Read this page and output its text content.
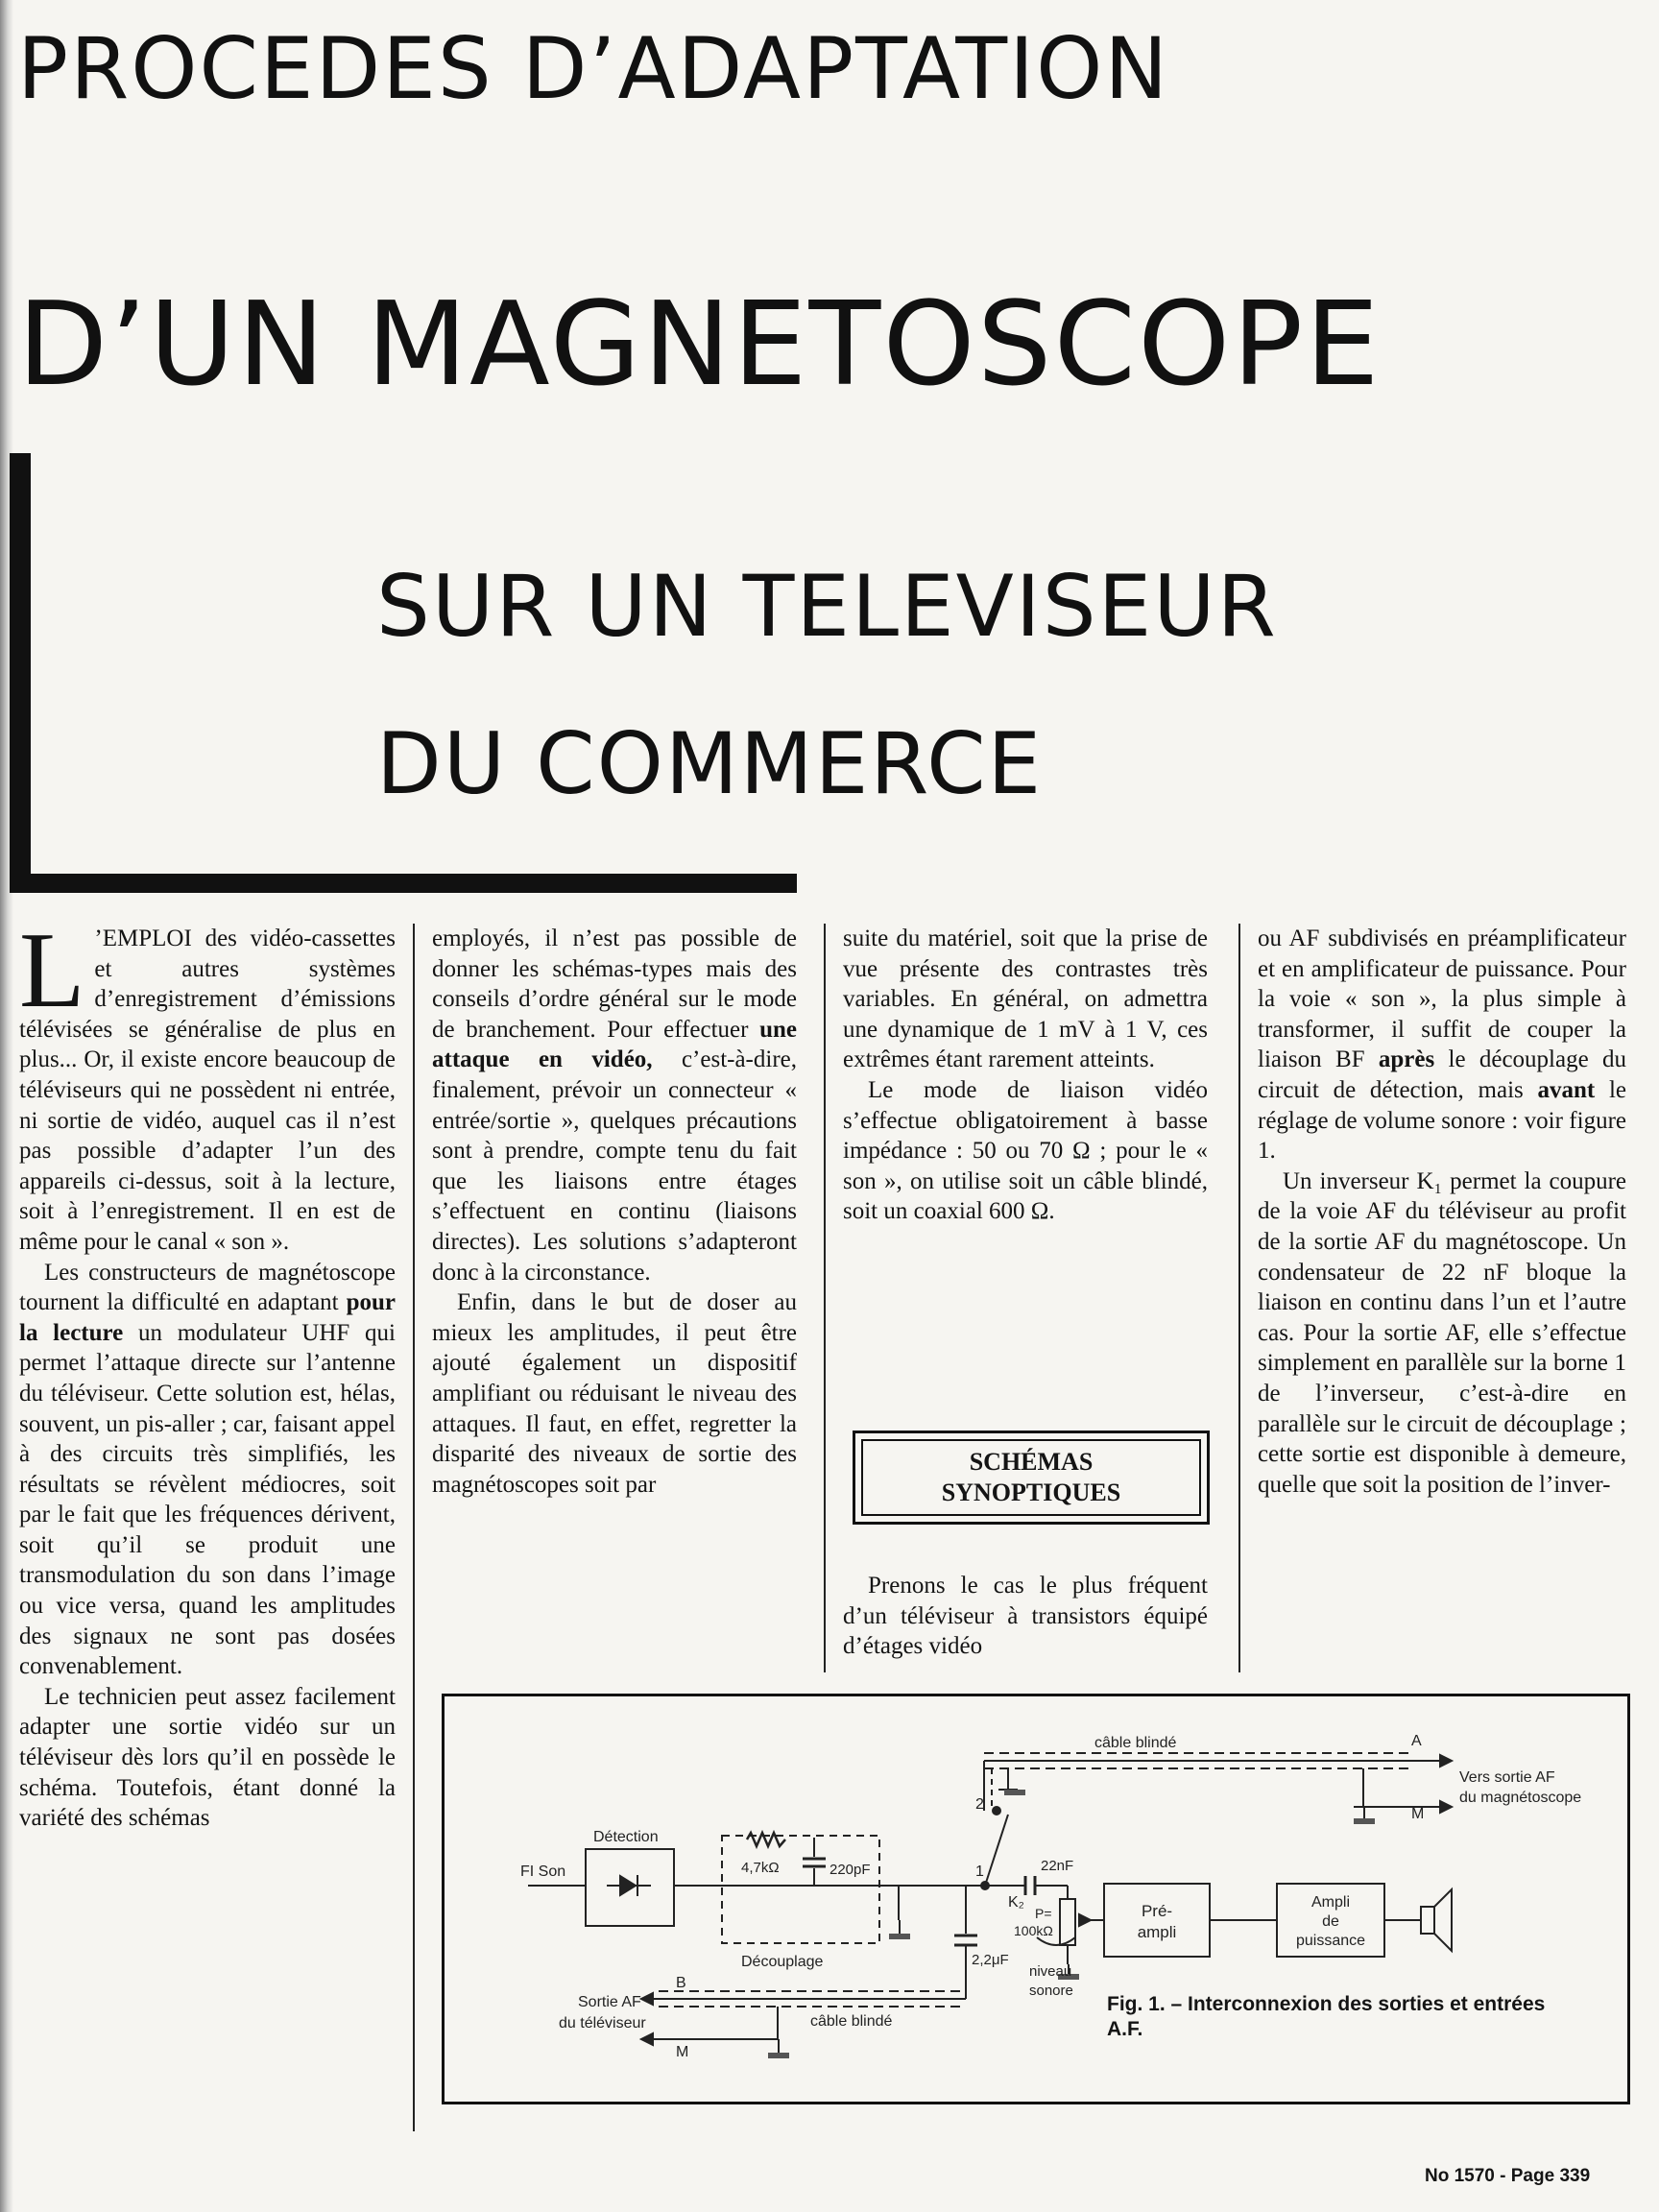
PROCEDES D’ADAPTATION
D’UN MAGNETOSCOPE
SUR UN TELEVISEUR
DU COMMERCE

L ’EMPLOI des vidéo-cassettes et autres systèmes d’enregistrement d’émissions télévisées se généralise de plus en plus... Or, il existe encore beaucoup de téléviseurs qui ne possèdent ni entrée, ni sortie de vidéo, auquel cas il n’est pas possible d’adapter l’un des appareils ci-dessus, soit à la lecture, soit à l’enregistrement. Il en est de même pour le canal « son ».

Les constructeurs de magnétoscope tournent la difficulté en adaptant pour la lecture un modulateur UHF qui permet l’attaque directe sur l’antenne du téléviseur. Cette solution est, hélas, souvent, un pis-aller ; car, faisant appel à des circuits très simplifiés, les résultats se révèlent médiocres, soit par le fait que les fréquences dérivent, soit qu’il se produit une transmodulation du son dans l’image ou vice versa, quand les amplitudes des signaux ne sont pas dosées convenablement.

Le technicien peut assez facilement adapter une sortie vidéo sur un téléviseur dès lors qu’il en possède le schéma. Toutefois, étant donné la variété des schémas

employés, il n’est pas possible de donner les schémas-types mais des conseils d’ordre général sur le mode de branchement. Pour effectuer une attaque en vidéo, c’est-à-dire, finalement, prévoir un connecteur « entrée/sortie », quelques précautions sont à prendre, compte tenu du fait que les liaisons entre étages s’effectuent en continu (liaisons directes). Les solutions s’adapteront donc à la circonstance.

Enfin, dans le but de doser au mieux les amplitudes, il peut être ajouté également un dispositif amplifiant ou réduisant le niveau des attaques. Il faut, en effet, regretter la disparité des niveaux de sortie des magnétoscopes soit par

suite du matériel, soit que la prise de vue présente des contrastes très variables. En général, on admettra une dynamique de 1 mV à 1 V, ces extrêmes étant rarement atteints.

Le mode de liaison vidéo s’effectue obligatoirement à basse impédance : 50 ou 70 Ω ; pour le « son », on utilise soit un câble blindé, soit un coaxial 600 Ω.

SCHÉMAS
SYNOPTIQUES

Prenons le cas le plus fréquent d’un téléviseur à transistors équipé d’étages vidéo

ou AF subdivisés en préamplificateur et en amplificateur de puissance. Pour la voie « son », la plus simple à transformer, il suffit de couper la liaison BF après le découplage du circuit de détection, mais avant le réglage de volume sonore : voir figure 1.

Un inverseur K₁ permet la coupure de la voie AF du téléviseur au profit de la sortie AF du magnétoscope. Un condensateur de 22 nF bloque la liaison en continu dans l’un et l’autre cas. Pour la sortie AF, elle s’effectue simplement en parallèle sur la borne 1 de l’inverseur, c’est-à-dire en parallèle sur le circuit de découplage ; cette sortie est disponible à demeure, quelle que soit la position de l’inver-

câble blindé	A
M
Vers sortie AF
du magnétoscope
Détection
FI Son	4,7kΩ	220pF
Découplage	2,2μF
2
1
K₂
22nF
P=
100kΩ
niveau
sonore
Pré-
ampli
Ampli
de
puissance
B
M
Sortie AF
du téléviseur	câble blindé
Fig. 1. – Interconnexion des sorties et entrées
A.F.
No 1570 - Page 339
